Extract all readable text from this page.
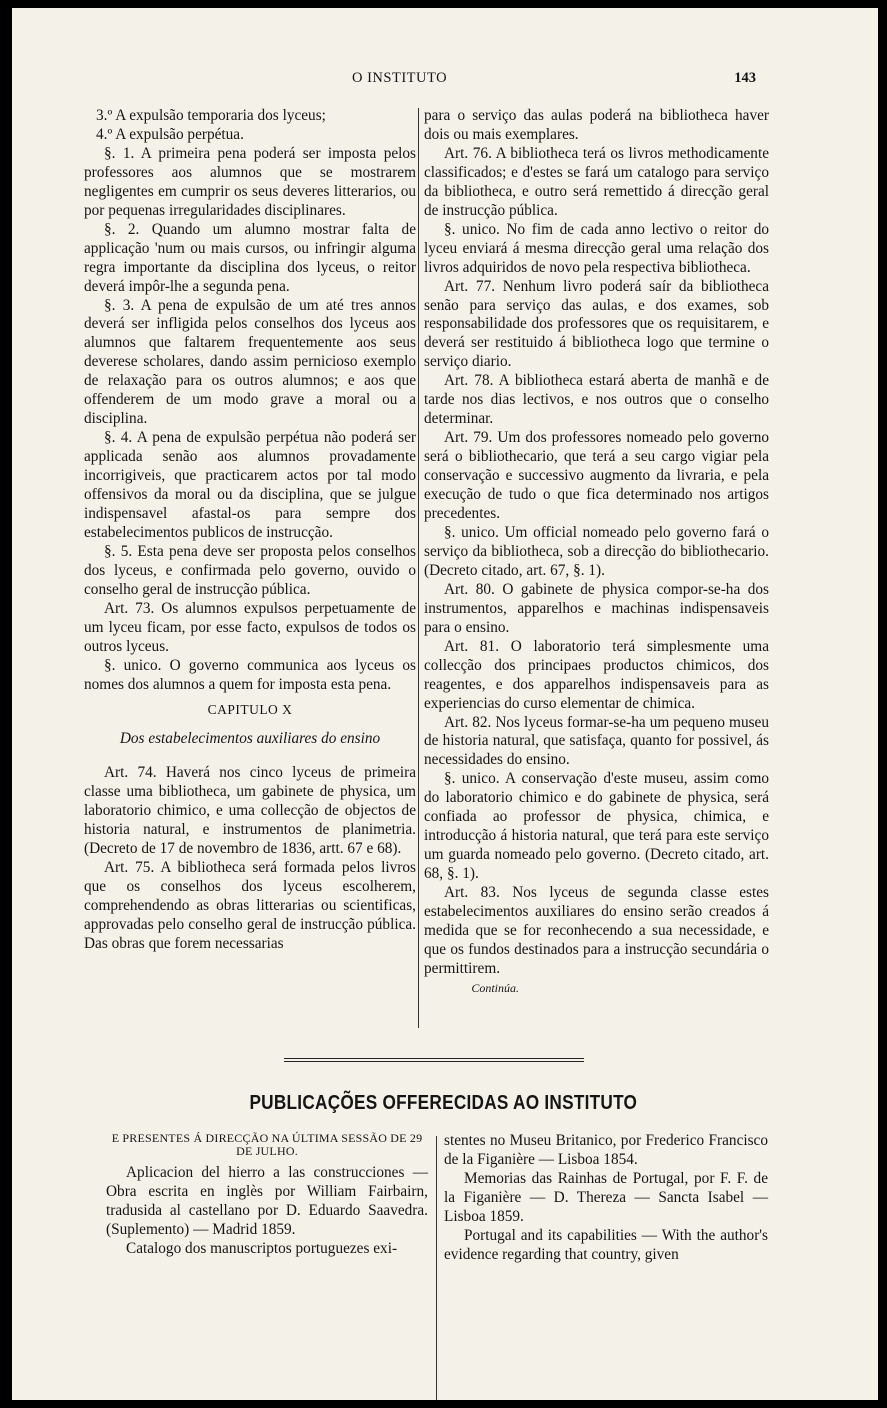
O INSTITUTO	143

3.º A expulsão temporaria dos lyceus;

4.º A expulsão perpétua.

§. 1. A primeira pena poderá ser imposta pelos professores aos alumnos que se mostrarem negligentes em cumprir os seus deveres litterarios, ou por pequenas irregularidades disciplinares.

§. 2. Quando um alumno mostrar falta de applicação 'num ou mais cursos, ou infringir alguma regra importante da disciplina dos lyceus, o reitor deverá impôr-lhe a segunda pena.

§. 3. A pena de expulsão de um até tres annos deverá ser infligida pelos conselhos dos lyceus aos alumnos que faltarem frequentemente aos seus deverese scholares, dando assim pernicioso exemplo de relaxação para os outros alumnos; e aos que offenderem de um modo grave a moral ou a disciplina.

§. 4. A pena de expulsão perpétua não poderá ser applicada senão aos alumnos provadamente incorrigiveis, que practicarem actos por tal modo offensivos da moral ou da disciplina, que se julgue indispensavel afastal-os para sempre dos estabelecimentos publicos de instrucção.

§. 5. Esta pena deve ser proposta pelos conselhos dos lyceus, e confirmada pelo governo, ouvido o conselho geral de instrucção pública.

Art. 73. Os alumnos expulsos perpetuamente de um lyceu ficam, por esse facto, expulsos de todos os outros lyceus.

§. unico. O governo communica aos lyceus os nomes dos alumnos a quem for imposta esta pena.

CAPITULO X

Dos estabelecimentos auxiliares do ensino

Art. 74. Haverá nos cinco lyceus de primeira classe uma bibliotheca, um gabinete de physica, um laboratorio chimico, e uma collecção de objectos de historia natural, e instrumentos de planimetria. (Decreto de 17 de novembro de 1836, artt. 67 e 68).

Art. 75. A bibliotheca será formada pelos livros que os conselhos dos lyceus escolherem, comprehendendo as obras litterarias ou scientificas, approvadas pelo conselho geral de instrucção pública. Das obras que forem necessarias

para o serviço das aulas poderá na bibliotheca haver dois ou mais exemplares.

Art. 76. A bibliotheca terá os livros methodicamente classificados; e d'estes se fará um catalogo para serviço da bibliotheca, e outro será remettido á direcção geral de instrucção pública.

§. unico. No fim de cada anno lectivo o reitor do lyceu enviará á mesma direcção geral uma relação dos livros adquiridos de novo pela respectiva bibliotheca.

Art. 77. Nenhum livro poderá saír da bibliotheca senão para serviço das aulas, e dos exames, sob responsabilidade dos professores que os requisitarem, e deverá ser restituido á bibliotheca logo que termine o serviço diario.

Art. 78. A bibliotheca estará aberta de manhã e de tarde nos dias lectivos, e nos outros que o conselho determinar.

Art. 79. Um dos professores nomeado pelo governo será o bibliothecario, que terá a seu cargo vigiar pela conservação e successivo augmento da livraria, e pela execução de tudo o que fica determinado nos artigos precedentes.

§. unico. Um official nomeado pelo governo fará o serviço da bibliotheca, sob a direcção do bibliothecario. (Decreto citado, art. 67, §. 1).

Art. 80. O gabinete de physica compor-se-ha dos instrumentos, apparelhos e machinas indispensaveis para o ensino.

Art. 81. O laboratorio terá simplesmente uma collecção dos principaes productos chimicos, dos reagentes, e dos apparelhos indispensaveis para as experiencias do curso elementar de chimica.

Art. 82. Nos lyceus formar-se-ha um pequeno museu de historia natural, que satisfaça, quanto for possivel, ás necessidades do ensino.

§. unico. A conservação d'este museu, assim como do laboratorio chimico e do gabinete de physica, será confiada ao professor de physica, chimica, e introducção á historia natural, que terá para este serviço um guarda nomeado pelo governo. (Decreto citado, art. 68, §. 1).

Art. 83. Nos lyceus de segunda classe estes estabelecimentos auxiliares do ensino serão creados á medida que se for reconhecendo a sua necessidade, e que os fundos destinados para a instrucção secundária o permittirem.

Continúa.

PUBLICAÇÕES OFFERECIDAS AO INSTITUTO

E PRESENTES Á DIRECÇÃO NA ÚLTIMA SESSÃO DE 29 DE JULHO.

Aplicacion del hierro a las construcciones — Obra escrita en inglès por William Fairbairn, tradusida al castellano por D. Eduardo Saavedra. (Suplemento) — Madrid 1859.

Catalogo dos manuscriptos portuguezes exi-

stentes no Museu Britanico, por Frederico Francisco de la Figanière — Lisboa 1854.

Memorias das Rainhas de Portugal, por F. F. de la Figanière — D. Thereza — Sancta Isabel — Lisboa 1859.

Portugal and its capabilities — With the author's evidence regarding that country, given
